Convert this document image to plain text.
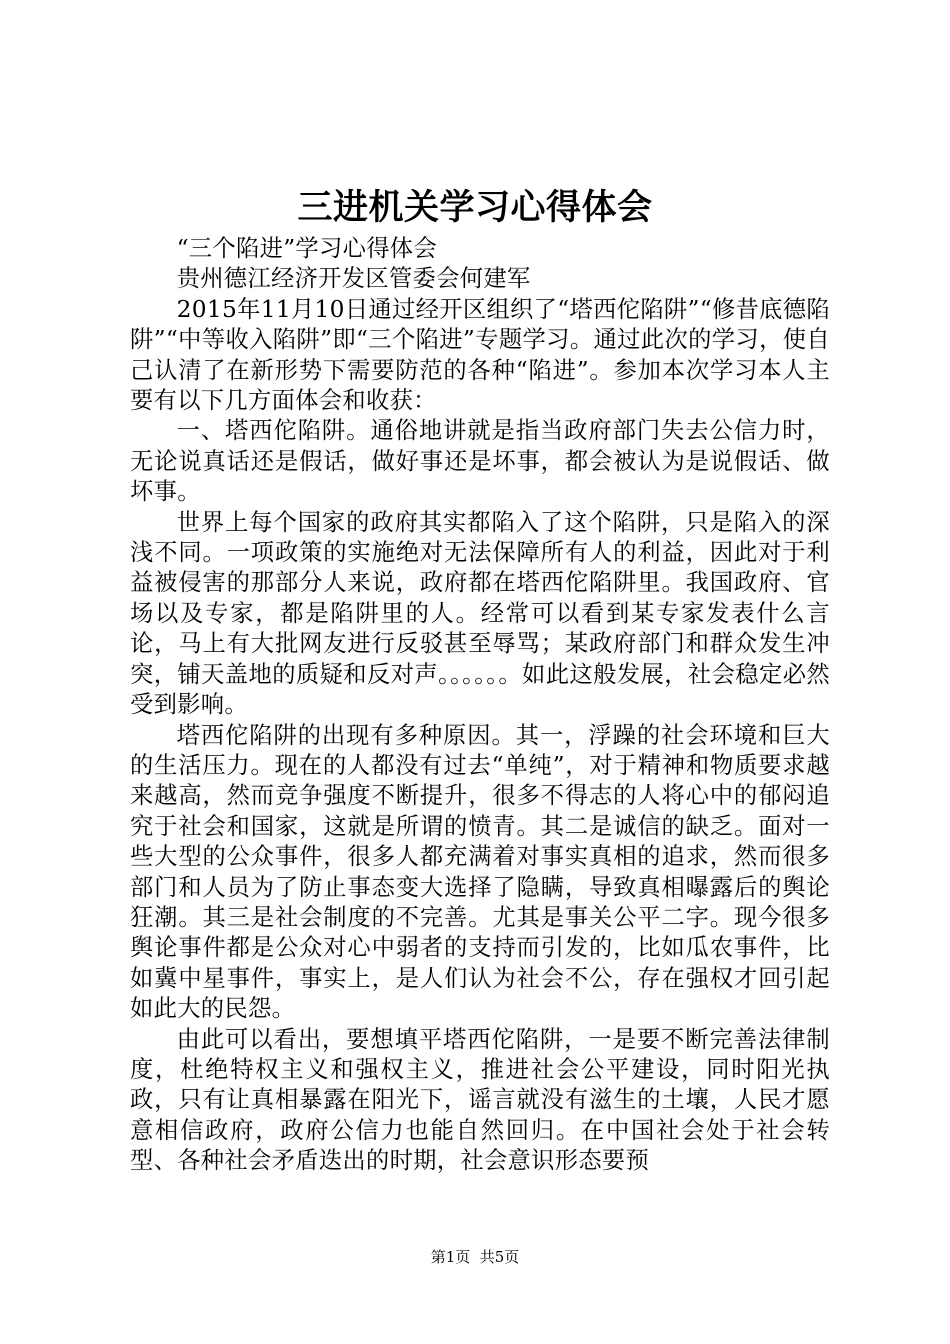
三进机关学习心得体会

“三个陷进”学习心得体会

贵州德江经济开发区管委会何建军

2015年11月10日通过经开区组织了“塔西佗陷阱”“修昔底德陷阱”“中等收入陷阱”即“三个陷进”专题学习。通过此次的学习，使自己认清了在新形势下需要防范的各种“陷进”。参加本次学习本人主要有以下几方面体会和收获：

一、塔西佗陷阱。通俗地讲就是指当政府部门失去公信力时，无论说真话还是假话，做好事还是坏事，都会被认为是说假话、做坏事。

世界上每个国家的政府其实都陷入了这个陷阱，只是陷入的深浅不同。一项政策的实施绝对无法保障所有人的利益，因此对于利益被侵害的那部分人来说，政府都在塔西佗陷阱里。我国政府、官场以及专家，都是陷阱里的人。经常可以看到某专家发表什么言论，马上有大批网友进行反驳甚至辱骂；某政府部门和群众发生冲突，铺天盖地的质疑和反对声。。。。。。如此这般发展，社会稳定必然受到影响。

塔西佗陷阱的出现有多种原因。其一，浮躁的社会环境和巨大的生活压力。现在的人都没有过去“单纯”，对于精神和物质要求越来越高，然而竞争强度不断提升，很多不得志的人将心中的郁闷追究于社会和国家，这就是所谓的愤青。其二是诚信的缺乏。面对一些大型的公众事件，很多人都充满着对事实真相的追求，然而很多部门和人员为了防止事态变大选择了隐瞒，导致真相曝露后的舆论狂潮。其三是社会制度的不完善。尤其是事关公平二字。现今很多舆论事件都是公众对心中弱者的支持而引发的，比如瓜农事件，比如冀中星事件，事实上，是人们认为社会不公，存在强权才回引起如此大的民怨。

由此可以看出，要想填平塔西佗陷阱，一是要不断完善法律制度，杜绝特权主义和强权主义，推进社会公平建设，同时阳光执政，只有让真相暴露在阳光下，谣言就没有滋生的土壤，人民才愿意相信政府，政府公信力也能自然回归。在中国社会处于社会转型、各种社会矛盾迭出的时期，社会意识形态要预

第1页  共5页
